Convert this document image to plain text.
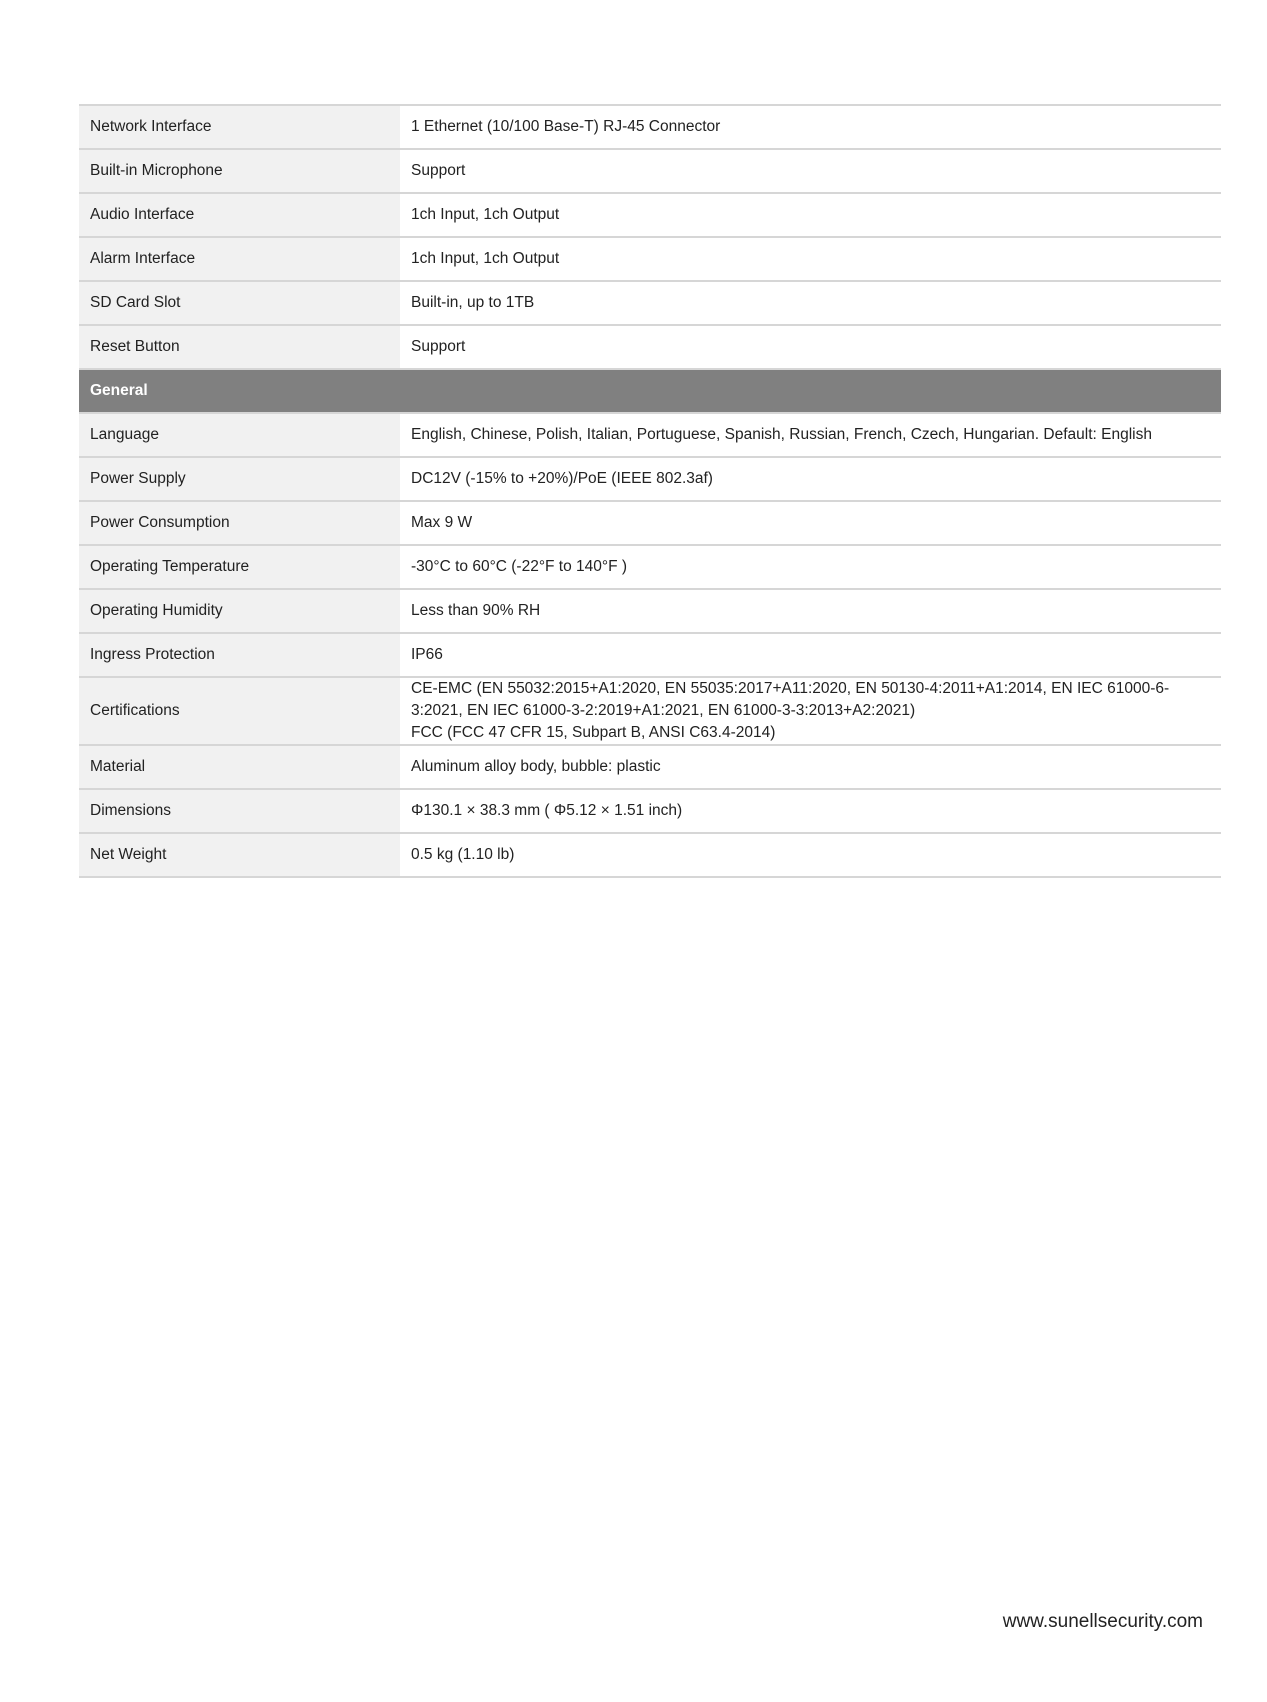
Network Interface	1 Ethernet (10/100 Base-T) RJ-45 Connector
Built-in Microphone	Support
Audio Interface	1ch Input, 1ch Output
Alarm Interface	1ch Input, 1ch Output
SD Card Slot	Built-in, up to 1TB
Reset Button	Support
General	
Language	English, Chinese, Polish, Italian, Portuguese, Spanish, Russian, French, Czech, Hungarian. Default: English
Power Supply	DC12V (-15% to +20%)/PoE (IEEE 802.3af)
Power Consumption	Max 9 W
Operating Temperature	-30°C to 60°C (-22°F to 140°F )
Operating Humidity	Less than 90% RH
Ingress Protection	IP66
Certifications	CE-EMC (EN 55032:2015+A1:2020, EN 55035:2017+A11:2020, EN 50130-4:2011+A1:2014, EN IEC 61000-6-
3:2021, EN IEC 61000-3-2:2019+A1:2021, EN 61000-3-3:2013+A2:2021)
FCC (FCC 47 CFR 15, Subpart B, ANSI C63.4-2014)

Material	Aluminum alloy body, bubble: plastic
Dimensions	Φ130.1 × 38.3 mm ( Φ5.12 × 1.51 inch)
Net Weight	0.5 kg (1.10 lb)
www.sunellsecurity.com
